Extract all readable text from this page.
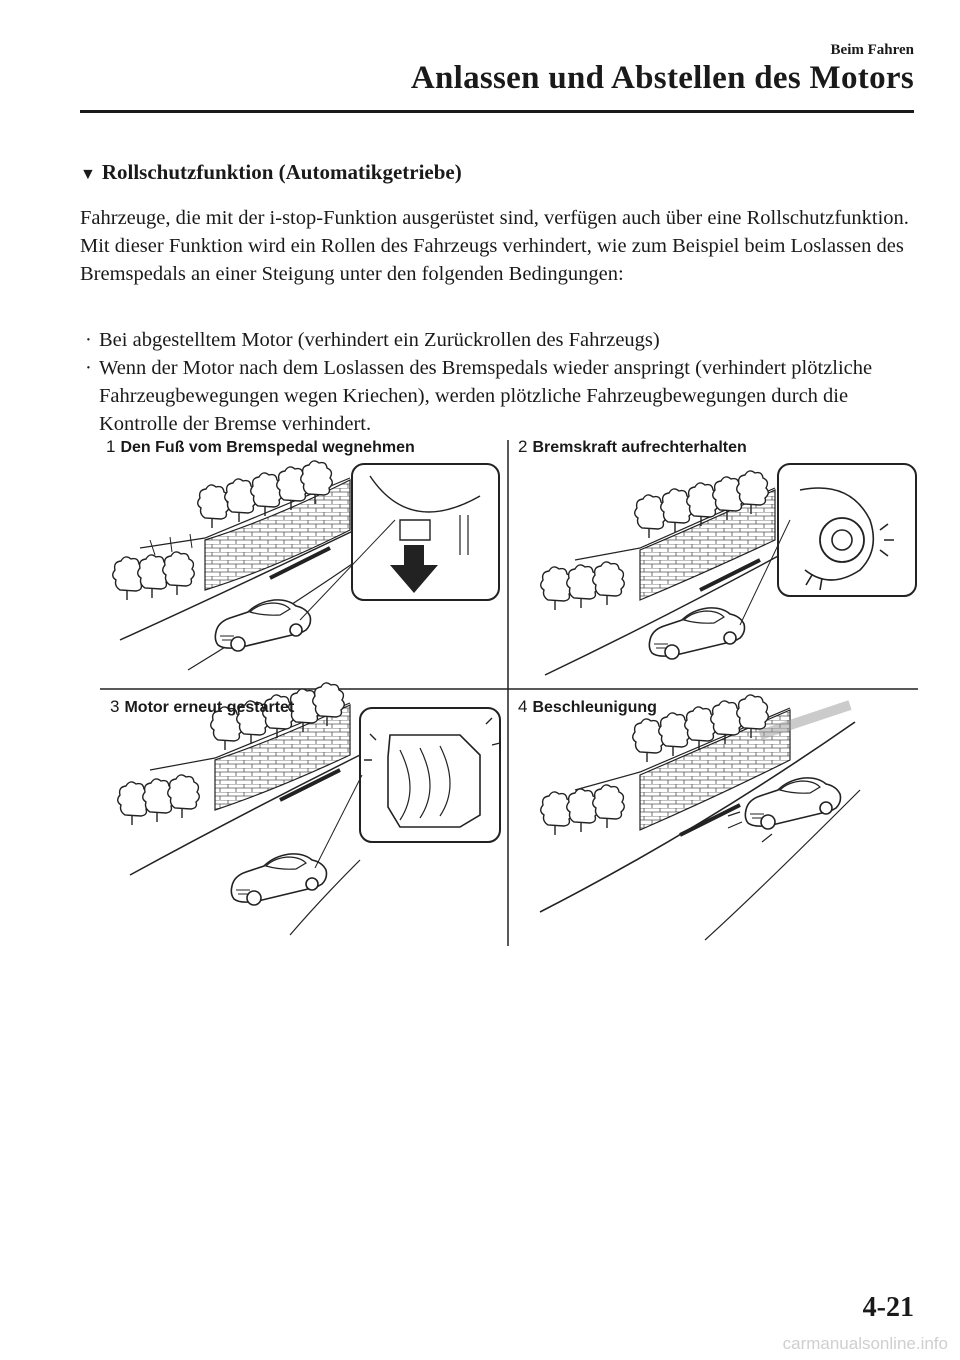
Beim Fahren
Anlassen und Abstellen des Motors
▼ Rollschutzfunktion (Automatikgetriebe)
Fahrzeuge, die mit der i-stop-Funktion ausgerüstet sind, verfügen auch über eine Rollschutzfunktion. Mit dieser Funktion wird ein Rollen des Fahrzeugs verhindert, wie zum Beispiel beim Loslassen des Bremspedals an einer Steigung unter den folgenden Bedingungen:
· Bei abgestelltem Motor (verhindert ein Zurückrollen des Fahrzeugs)
· Wenn der Motor nach dem Loslassen des Bremspedals wieder anspringt (verhindert plötzliche Fahrzeugbewegungen wegen Kriechen), werden plötzliche Fahrzeugbewegungen durch die Kontrolle der Bremse verhindert.
1 Den Fuß vom Bremspedal wegnehmen	2 Bremskraft aufrechterhalten
3 Motor erneut gestartet	4 Beschleunigung
4-21
carmanualsonline.info
